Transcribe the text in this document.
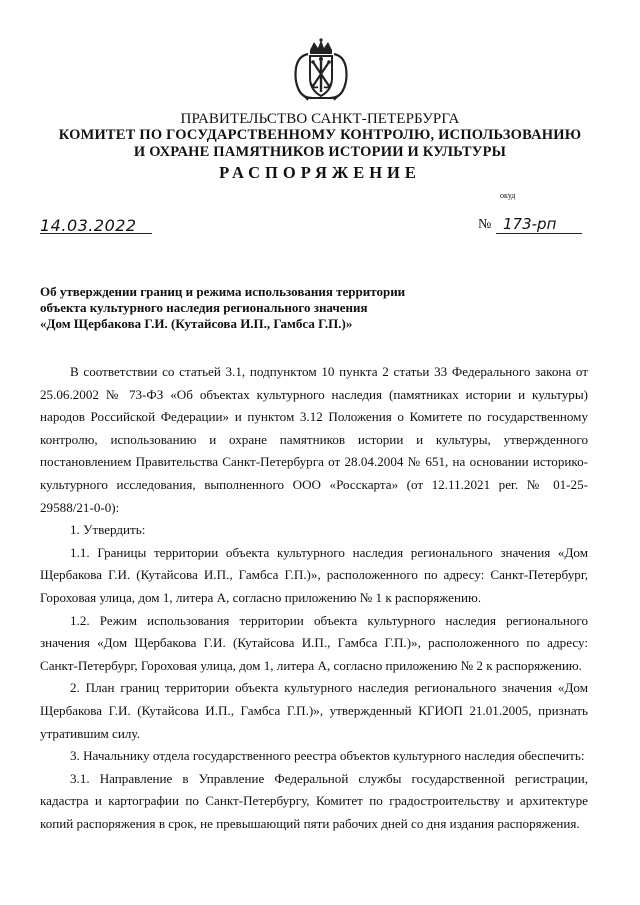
ПРАВИТЕЛЬСТВО САНКТ-ПЕТЕРБУРГА
КОМИТЕТ ПО ГОСУДАРСТВЕННОМУ КОНТРОЛЮ, ИСПОЛЬЗОВАНИЮ
И ОХРАНЕ ПАМЯТНИКОВ ИСТОРИИ И КУЛЬТУРЫ
РАСПОРЯЖЕНИЕ
окуд
14.03.2022	№ 173-рп
Об утверждении границ и режима использования территории
объекта культурного наследия регионального значения
«Дом Щербакова Г.И. (Кутайсова И.П., Гамбса Г.П.)»
В соответствии со статьей 3.1, подпунктом 10 пункта 2 статьи 33 Федерального закона от 25.06.2002 № 73-ФЗ «Об объектах культурного наследия (памятниках истории и культуры) народов Российской Федерации» и пунктом 3.12 Положения о Комитете по государственному контролю, использованию и охране памятников истории и культуры, утвержденного постановлением Правительства Санкт-Петербурга от 28.04.2004 № 651, на основании историко-культурного исследования, выполненного ООО «Росскарта» (от 12.11.2021 рег. № 01-25-29588/21-0-0):
1. Утвердить:
1.1. Границы территории объекта культурного наследия регионального значения «Дом Щербакова Г.И. (Кутайсова И.П., Гамбса Г.П.)», расположенного по адресу: Санкт-Петербург, Гороховая улица, дом 1, литера А, согласно приложению № 1 к распоряжению.
1.2. Режим использования территории объекта культурного наследия регионального значения «Дом Щербакова Г.И. (Кутайсова И.П., Гамбса Г.П.)», расположенного по адресу: Санкт-Петербург, Гороховая улица, дом 1, литера А, согласно приложению № 2 к распоряжению.
2. План границ территории объекта культурного наследия регионального значения «Дом Щербакова Г.И. (Кутайсова И.П., Гамбса Г.П.)», утвержденный КГИОП 21.01.2005, признать утратившим силу.
3. Начальнику отдела государственного реестра объектов культурного наследия обеспечить:
3.1. Направление в Управление Федеральной службы государственной регистрации, кадастра и картографии по Санкт-Петербургу, Комитет по градостроительству и архитектуре копий распоряжения в срок, не превышающий пяти рабочих дней со дня издания распоряжения.
